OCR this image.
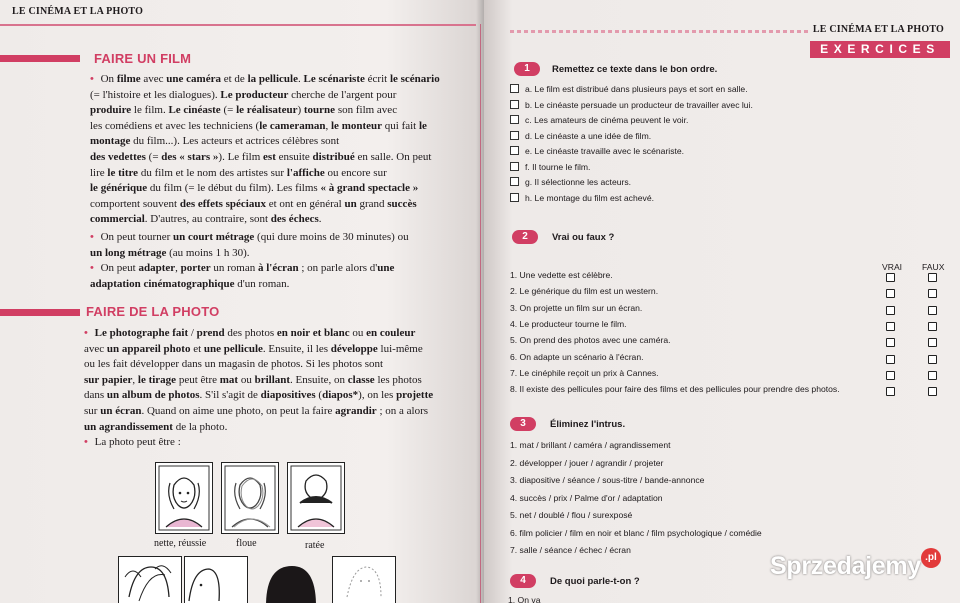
LE CINÉMA ET LA PHOTO
FAIRE UN FILM
• On filme avec une caméra et de la pellicule. Le scénariste écrit le scénario
(= l'histoire et les dialogues). Le producteur cherche de l'argent pour
produire le film. Le cinéaste (= le réalisateur) tourne son film avec
les comédiens et avec les techniciens (le cameraman, le monteur qui fait le
montage du film...). Les acteurs et actrices célèbres sont
des vedettes (= des « stars »). Le film est ensuite distribué en salle. On peut
lire le titre du film et le nom des artistes sur l'affiche ou encore sur
le générique du film (= le début du film). Les films « à grand spectacle »
comportent souvent des effets spéciaux et ont en général un grand succès
commercial. D'autres, au contraire, sont des échecs.
• On peut tourner un court métrage (qui dure moins de 30 minutes) ou
un long métrage (au moins 1 h 30).
• On peut adapter, porter un roman à l'écran ; on parle alors d'une
adaptation cinématographique d'un roman.
FAIRE DE LA PHOTO
• Le photographe fait / prend des photos en noir et blanc ou en couleur
avec un appareil photo et une pellicule. Ensuite, il les développe lui-même
ou les fait développer dans un magasin de photos. Si les photos sont
sur papier, le tirage peut être mat ou brillant. Ensuite, on classe les photos
dans un album de photos. S'il s'agit de diapositives (diapos*), on les projette
sur un écran. Quand on aime une photo, on peut la faire agrandir ; on a alors
un agrandissement de la photo.
• La photo peut être :
nette, réussie	floue	ratée
LE CINÉMA ET LA PHOTO
EXERCICES
1	Remettez ce texte dans le bon ordre.
a. Le film est distribué dans plusieurs pays et sort en salle.
b. Le cinéaste persuade un producteur de travailler avec lui.
c. Les amateurs de cinéma peuvent le voir.
d. Le cinéaste a une idée de film.
e. Le cinéaste travaille avec le scénariste.
f. Il tourne le film.
g. Il sélectionne les acteurs.
h. Le montage du film est achevé.
2	Vrai ou faux ?
VRAI FAUX
1. Une vedette est célèbre.
2. Le générique du film est un western.
3. On projette un film sur un écran.
4. Le producteur tourne le film.
5. On prend des photos avec une caméra.
6. On adapte un scénario à l'écran.
7. Le cinéphile reçoit un prix à Cannes.
8. Il existe des pellicules pour faire des films et des pellicules pour prendre des photos.
3	Éliminez l'intrus.
1. mat / brillant / caméra / agrandissement
2. développer / jouer / agrandir / projeter
3. diapositive / séance / sous-titre / bande-annonce
4. succès / prix / Palme d'or / adaptation
5. net / doublé / flou / surexposé
6. film policier / film en noir et blanc / film psychologique / comédie
7. salle / séance / échec / écran
4	De quoi parle-t-on ?
1. On va
Sprzedajemy .pl
